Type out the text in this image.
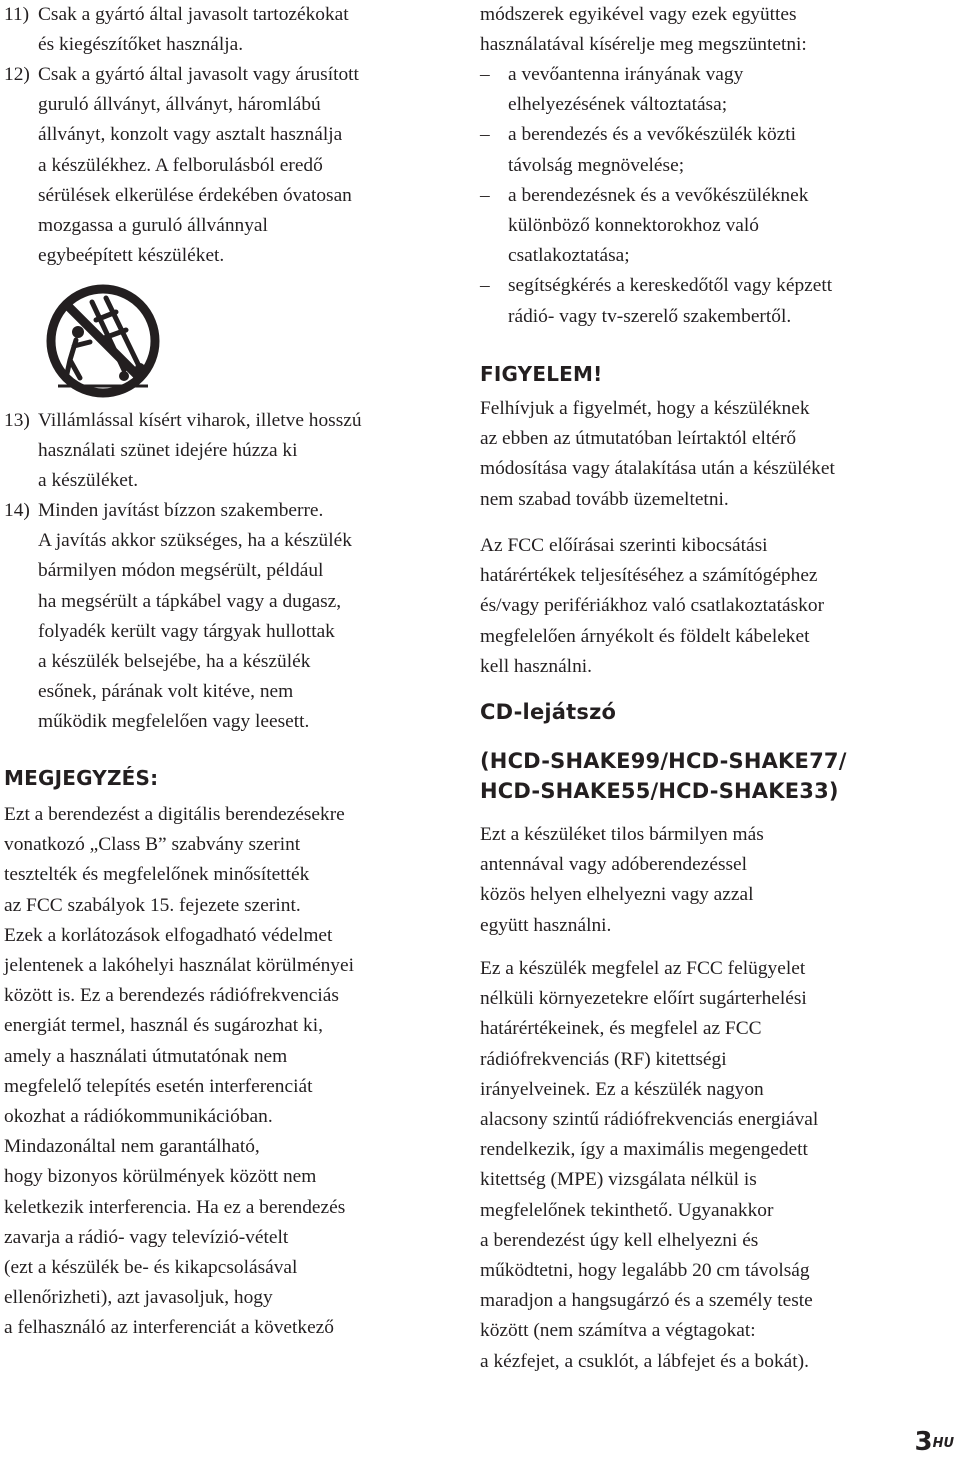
11) Csak a gyártó által javasolt tartozékokat
és kiegészítőket használja.
12) Csak a gyártó által javasolt vagy árusított
guruló állványt, állványt, háromlábú
állványt, konzolt vagy asztalt használja
a készülékhez. A felborulásból eredő
sérülések elkerülése érdekében óvatosan
mozgassa a guruló állvánnyal
egybeépített készüléket.
13) Villámlással kísért viharok, illetve hosszú
használati szünet idejére húzza ki
a készüléket.
14) Minden javítást bízzon szakemberre.
A javítás akkor szükséges, ha a készülék
bármilyen módon megsérült, például
ha megsérült a tápkábel vagy a dugasz,
folyadék került vagy tárgyak hullottak
a készülék belsejébe, ha a készülék
esőnek, párának volt kitéve, nem
működik megfelelően vagy leesett.
MEGJEGYZÉS:
Ezt a berendezést a digitális berendezésekre
vonatkozó „Class B” szabvány szerint
tesztelték és megfelelőnek minősítették
az FCC szabályok 15. fejezete szerint.
Ezek a korlátozások elfogadható védelmet
jelentenek a lakóhelyi használat körülményei
között is. Ez a berendezés rádiófrekvenciás
energiát termel, használ és sugározhat ki,
amely a használati útmutatónak nem
megfelelő telepítés esetén interferenciát
okozhat a rádiókommunikációban.
Mindazonáltal nem garantálható,
hogy bizonyos körülmények között nem
keletkezik interferencia. Ha ez a berendezés
zavarja a rádió- vagy televízió-vételt
(ezt a készülék be- és kikapcsolásával
ellenőrizheti), azt javasoljuk, hogy
a felhasználó az interferenciát a következő
módszerek egyikével vagy ezek együttes
használatával kísérelje meg megszüntetni:
– a vevőantenna irányának vagy
elhelyezésének változtatása;
– a berendezés és a vevőkészülék közti
távolság megnövelése;
– a berendezésnek és a vevőkészüléknek
különböző konnektorokhoz való
csatlakoztatása;
– segítségkérés a kereskedőtől vagy képzett
rádió- vagy tv-szerelő szakembertől.
FIGYELEM!
Felhívjuk a figyelmét, hogy a készüléknek
az ebben az útmutatóban leírtaktól eltérő
módosítása vagy átalakítása után a készüléket
nem szabad tovább üzemeltetni.
Az FCC előírásai szerinti kibocsátási
határértékek teljesítéséhez a számítógéphez
és/vagy perifériákhoz való csatlakoztatáskor
megfelelően árnyékolt és földelt kábeleket
kell használni.
CD-lejátszó
(HCD-SHAKE99/HCD-SHAKE77/
HCD-SHAKE55/HCD-SHAKE33)
Ezt a készüléket tilos bármilyen más
antennával vagy adóberendezéssel
közös helyen elhelyezni vagy azzal
együtt használni.
Ez a készülék megfelel az FCC felügyelet
nélküli környezetekre előírt sugárterhelési
határértékeinek, és megfelel az FCC
rádiófrekvenciás (RF) kitettségi
irányelveinek. Ez a készülék nagyon
alacsony szintű rádiófrekvenciás energiával
rendelkezik, így a maximális megengedett
kitettség (MPE) vizsgálata nélkül is
megfelelőnek tekinthető. Ugyanakkor
a berendezést úgy kell elhelyezni és
működtetni, hogy legalább 20 cm távolság
maradjon a hangsugárzó és a személy teste
között (nem számítva a végtagokat:
a kézfejet, a csuklót, a lábfejet és a bokát).
$3^{HU}$
